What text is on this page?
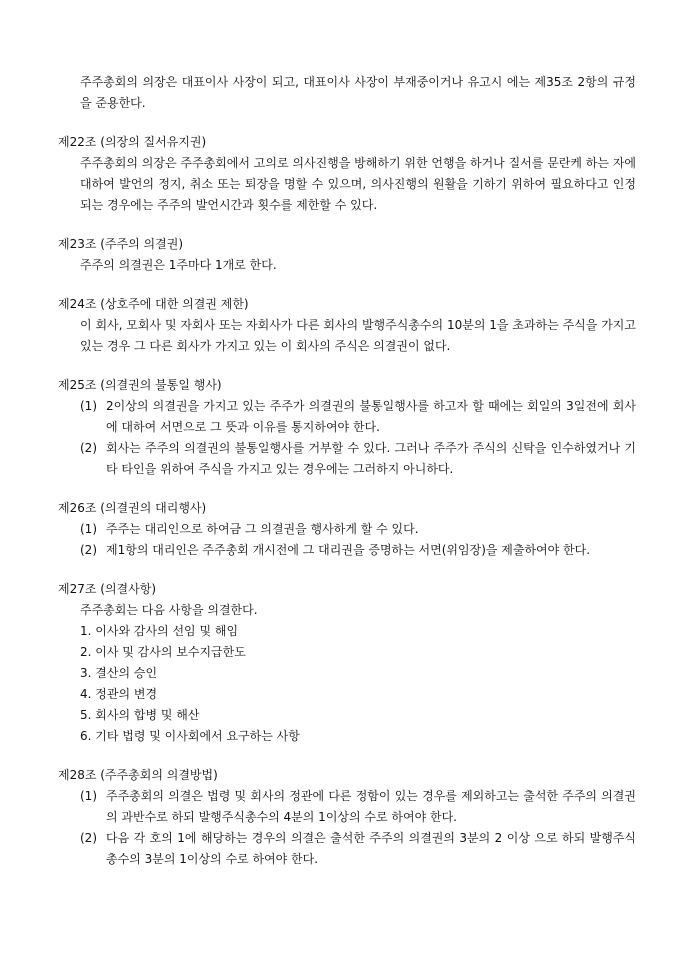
주주총회의 의장은 대표이사 사장이 되고, 대표이사 사장이 부재중이거나 유고시 에는 제35조 2항의 규정을 준용한다.
제22조 (의장의 질서유지권)
주주총회의 의장은 주주총회에서 고의로 의사진행을 방해하기 위한 언행을 하거나 질서를 문란케 하는 자에 대하여 발언의 정지, 취소 또는 퇴장을 명할 수 있으며, 의사진행의 원활을 기하기 위하여 필요하다고 인정되는 경우에는 주주의 발언시간과 횟수를 제한할 수 있다.
제23조 (주주의 의결권)
주주의 의결권은 1주마다 1개로 한다.
제24조 (상호주에 대한 의결권 제한)
이 회사, 모회사 및 자회사 또는 자회사가 다른 회사의 발행주식총수의 10분의 1을 초과하는 주식을 가지고 있는 경우 그 다른 회사가 가지고 있는 이 회사의 주식은 의결권이 없다.
제25조 (의결권의 불통일 행사)
(1) 2이상의 의결권을 가지고 있는 주주가 의결권의 불통일행사를 하고자 할 때에는 회일의 3일전에 회사에 대하여 서면으로 그 뜻과 이유를 통지하여야 한다.
(2) 회사는 주주의 의결권의 불통일행사를 거부할 수 있다. 그러나 주주가 주식의 신탁을 인수하였거나 기타 타인을 위하여 주식을 가지고 있는 경우에는 그러하지 아니하다.
제26조 (의결권의 대리행사)
(1) 주주는 대리인으로 하여금 그 의결권을 행사하게 할 수 있다.
(2) 제1항의 대리인은 주주총회 개시전에 그 대리권을 증명하는 서면(위임장)을 제출하여야 한다.
제27조 (의결사항)
주주총회는 다음 사항을 의결한다.
1. 이사와 감사의 선임 및 해임
2. 이사 및 감사의 보수지급한도
3. 결산의 승인
4. 정관의 변경
5. 회사의 합병 및 해산
6. 기타 법령 및 이사회에서 요구하는 사항
제28조 (주주총회의 의결방법)
(1) 주주총회의 의결은 법령 및 회사의 정관에 다른 정함이 있는 경우를 제외하고는 출석한 주주의 의결권의 과반수로 하되 발행주식총수의 4분의 1이상의 수로 하여야 한다.
(2) 다음 각 호의 1에 해당하는 경우의 의결은 출석한 주주의 의결권의 3분의 2 이상 으로 하되 발행주식총수의 3분의 1이상의 수로 하여야 한다.
